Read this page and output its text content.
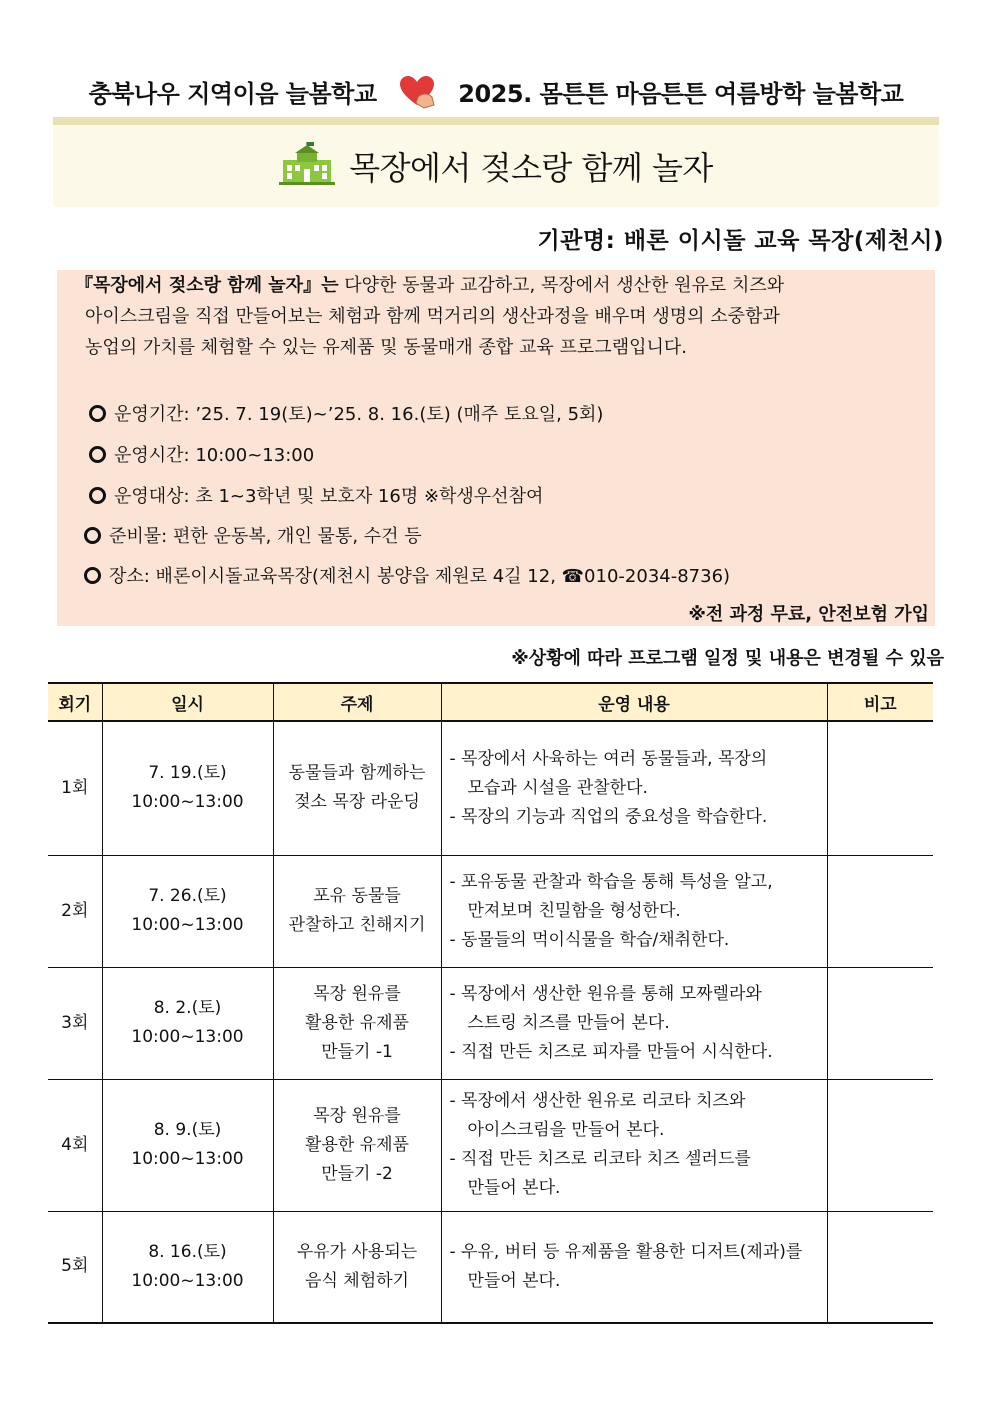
충북나우 지역이음 늘봄학교	2025. 몸튼튼 마음튼튼 여름방학 늘봄학교
목장에서 젖소랑 함께 놀자
기관명: 배론 이시돌 교육 목장(제천시)
『목장에서 젖소랑 함께 놀자』는 다양한 동물과 교감하고, 목장에서 생산한 원유로 치즈와
아이스크림을 직접 만들어보는 체험과 함께 먹거리의 생산과정을 배우며 생명의 소중함과
농업의 가치를 체험할 수 있는 유제품 및 동물매개 종합 교육 프로그램입니다.
운영기간: ’25. 7. 19(토)~’25. 8. 16.(토) (매주 토요일, 5회)
운영시간: 10:00~13:00
운영대상: 초 1~3학년 및 보호자 16명 ※학생우선참여
준비물: 편한 운동복, 개인 물통, 수건 등
장소: 배론이시돌교육목장(제천시 봉양읍 제원로 4길 12, ☎010-2034-8736)
※전 과정 무료, 안전보험 가입
※상황에 따라 프로그램 일정 및 내용은 변경될 수 있음
회기	일시	주제	운영 내용	비고
1회	7. 19.(토)
10:00~13:00	동물들과 함께하는
젖소 목장 라운딩	- 목장에서 사육하는 여러 동물들과, 목장의
모습과 시설을 관찰한다.
- 목장의 기능과 직업의 중요성을 학습한다.	

2회	7. 26.(토)
10:00~13:00	포유 동물들
관찰하고 친해지기	- 포유동물 관찰과 학습을 통해 특성을 알고,
만져보며 친밀함을 형성한다.
- 동물들의 먹이식물을 학습/채취한다.	

3회	8. 2.(토)
10:00~13:00	목장 원유를
활용한 유제품
만들기 -1	- 목장에서 생산한 원유를 통해 모짜렐라와
스트링 치즈를 만들어 본다.
- 직접 만든 치즈로 피자를 만들어 시식한다.	

4회	8. 9.(토)
10:00~13:00	목장 원유를
활용한 유제품
만들기 -2	- 목장에서 생산한 원유로 리코타 치즈와
아이스크림을 만들어 본다.
- 직접 만든 치즈로 리코타 치즈 셀러드를
만들어 본다.	

5회	8. 16.(토)
10:00~13:00	우유가 사용되는
음식 체험하기	- 우유, 버터 등 유제품을 활용한 디저트(제과)를
만들어 본다.	
